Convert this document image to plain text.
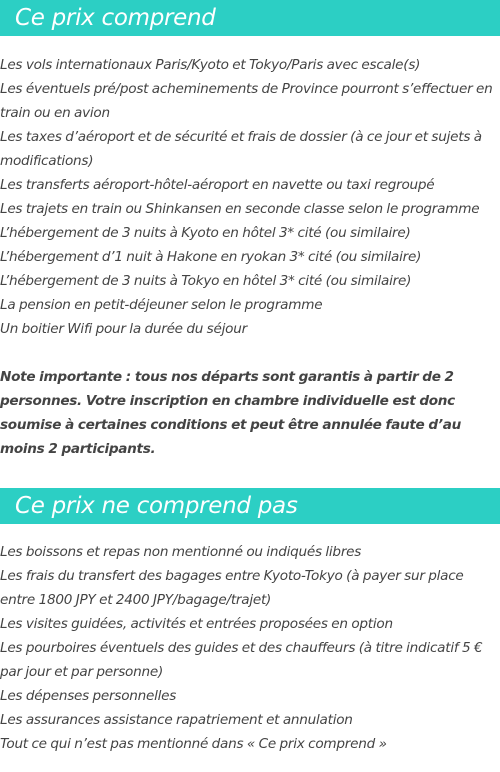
Ce prix comprend
Les vols internationaux Paris/Kyoto et Tokyo/Paris avec escale(s)
Les éventuels pré/post acheminements de Province pourront s’effectuer en train ou en avion
Les taxes d’aéroport et de sécurité et frais de dossier (à ce jour et sujets à modifications)
Les transferts aéroport-hôtel-aéroport en navette ou taxi regroupé
Les trajets en train ou Shinkansen en seconde classe selon le programme
L’hébergement de 3 nuits à Kyoto en hôtel 3* cité (ou similaire)
L’hébergement d’1 nuit à Hakone en ryokan 3* cité (ou similaire)
L’hébergement de 3 nuits à Tokyo en hôtel 3* cité (ou similaire)
La pension en petit-déjeuner selon le programme
Un boitier Wifi pour la durée du séjour

Note importante : tous nos départs sont garantis à partir de 2 personnes. Votre inscription en chambre individuelle est donc soumise à certaines conditions et peut être annulée faute d’au moins 2 participants.

Ce prix ne comprend pas
Les boissons et repas non mentionné ou indiqués libres
Les frais du transfert des bagages entre Kyoto-Tokyo (à payer sur place entre 1800 JPY et 2400 JPY/bagage/trajet)
Les visites guidées, activités et entrées proposées en option
Les pourboires éventuels des guides et des chauffeurs (à titre indicatif 5 € par jour et par personne)
Les dépenses personnelles
Les assurances assistance rapatriement et annulation
Tout ce qui n’est pas mentionné dans « Ce prix comprend »
